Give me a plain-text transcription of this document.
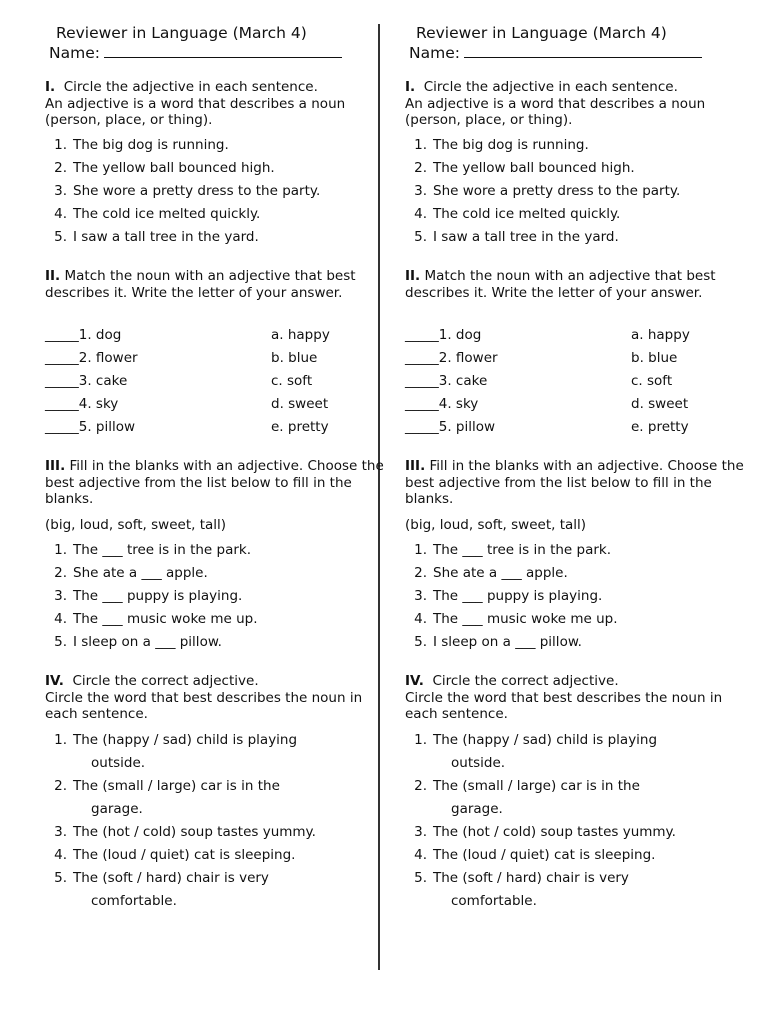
Reviewer in Language (March 4)
Name:
I. Circle the adjective in each sentence.
An adjective is a word that describes a noun (person, place, or thing).
1. The big dog is running.
2. The yellow ball bounced high.
3. She wore a pretty dress to the party.
4. The cold ice melted quickly.
5. I saw a tall tree in the yard.
II. Match the noun with an adjective that best describes it. Write the letter of your answer.
_____1. dog
_____2. flower
_____3. cake
_____4. sky
_____5. pillow
a. happy
b. blue
c. soft
d. sweet
e. pretty
III. Fill in the blanks with an adjective. Choose the best adjective from the list below to fill in the blanks.
(big, loud, soft, sweet, tall)
1. The ___ tree is in the park.
2. She ate a ___ apple.
3. The ___ puppy is playing.
4. The ___ music woke me up.
5. I sleep on a ___ pillow.
IV. Circle the correct adjective.
Circle the word that best describes the noun in each sentence.
1. The (happy / sad) child is playing
outside.
2. The (small / large) car is in the
garage.
3. The (hot / cold) soup tastes yummy.
4. The (loud / quiet) cat is sleeping.
5. The (soft / hard) chair is very
comfortable.
Reviewer in Language (March 4)
Name:
I. Circle the adjective in each sentence.
An adjective is a word that describes a noun (person, place, or thing).
1. The big dog is running.
2. The yellow ball bounced high.
3. She wore a pretty dress to the party.
4. The cold ice melted quickly.
5. I saw a tall tree in the yard.
II. Match the noun with an adjective that best describes it. Write the letter of your answer.
_____1. dog
_____2. flower
_____3. cake
_____4. sky
_____5. pillow
a. happy
b. blue
c. soft
d. sweet
e. pretty
III. Fill in the blanks with an adjective. Choose the best adjective from the list below to fill in the blanks.
(big, loud, soft, sweet, tall)
1. The ___ tree is in the park.
2. She ate a ___ apple.
3. The ___ puppy is playing.
4. The ___ music woke me up.
5. I sleep on a ___ pillow.
IV. Circle the correct adjective.
Circle the word that best describes the noun in each sentence.
1. The (happy / sad) child is playing
outside.
2. The (small / large) car is in the
garage.
3. The (hot / cold) soup tastes yummy.
4. The (loud / quiet) cat is sleeping.
5. The (soft / hard) chair is very
comfortable.
